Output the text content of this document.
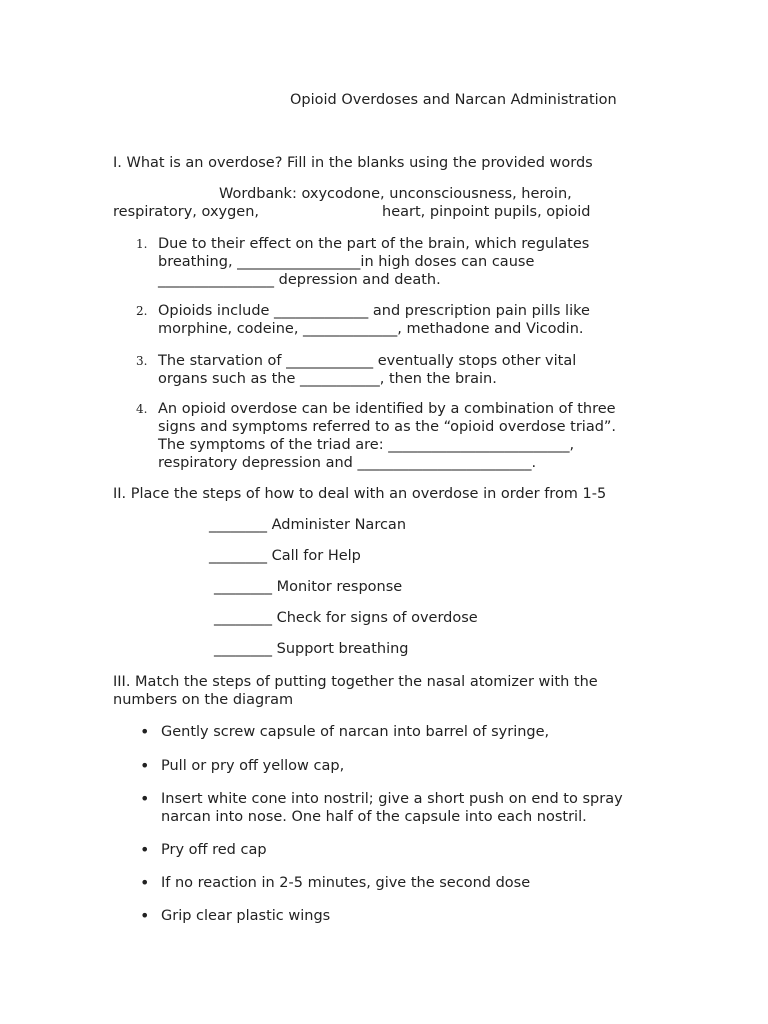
Opioid Overdoses and Narcan Administration
I. What is an overdose? Fill in the blanks using the provided words
Wordbank: oxycodone, unconsciousness, heroin,
respiratory, oxygen,	heart, pinpoint pupils, opioid
1. Due to their effect on the part of the brain, which regulates
breathing, _________________in high doses can cause
________________ depression and death.
2. Opioids include _____________ and prescription pain pills like
morphine, codeine, _____________, methadone and Vicodin.
3. The starvation of ____________ eventually stops other vital
organs such as the ___________, then the brain.
4. An opioid overdose can be identified by a combination of three
signs and symptoms referred to as the “opioid overdose triad”.
The symptoms of the triad are: _________________________,
respiratory depression and ________________________.
II. Place the steps of how to deal with an overdose in order from 1-5
________ Administer Narcan
________ Call for Help
________ Monitor response
________ Check for signs of overdose
________ Support breathing
III. Match the steps of putting together the nasal atomizer with the
numbers on the diagram
• Gently screw capsule of narcan into barrel of syringe,
• Pull or pry off yellow cap,
• Insert white cone into nostril; give a short push on end to spray
narcan into nose. One half of the capsule into each nostril.
• Pry off red cap
• If no reaction in 2-5 minutes, give the second dose
• Grip clear plastic wings
